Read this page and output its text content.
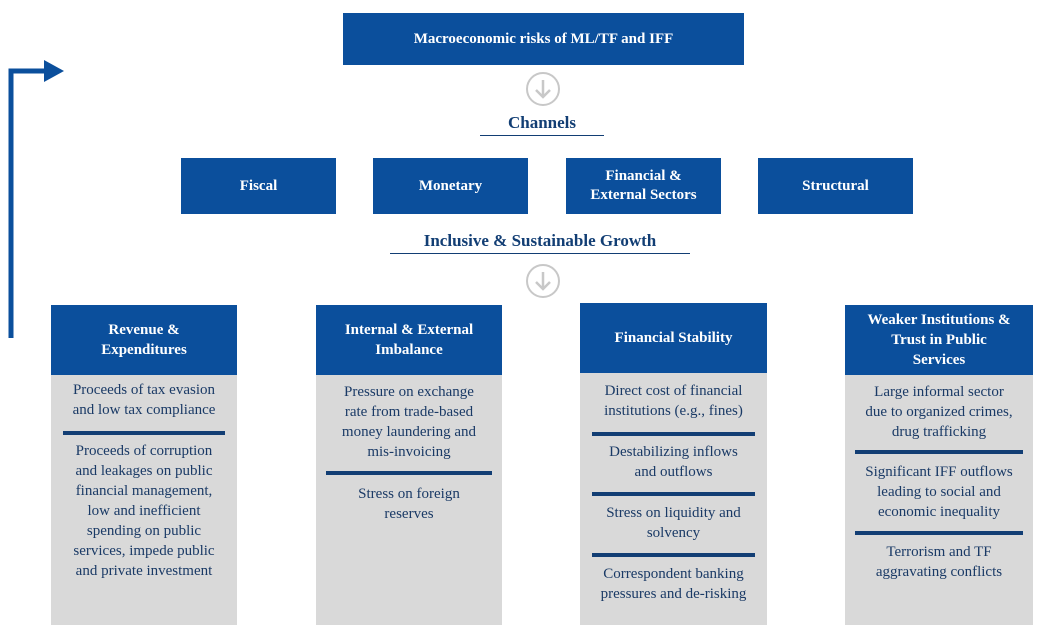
Macroeconomic risks of ML/TF and IFF
Channels
Fiscal	Monetary
Financial &
External Sectors
Structural
Inclusive & Sustainable Growth
Revenue &
Expenditures
Proceeds of tax evasion
and low tax compliance
Proceeds of corruption
and leakages on public
financial management,
low and inefficient
spending on public
services, impede public
and private investment
Internal & External
Imbalance
Pressure on exchange
rate from trade-based
money laundering and
mis-invoicing
Stress on foreign
reserves
Financial Stability
Direct cost of financial
institutions (e.g., fines)
Destabilizing inflows
and outflows
Stress on liquidity and
solvency
Correspondent banking
pressures and de-risking
Weaker Institutions &
Trust in Public
Services
Large informal sector
due to organized crimes,
drug trafficking
Significant IFF outflows
leading to social and
economic inequality
Terrorism and TF
aggravating conflicts
